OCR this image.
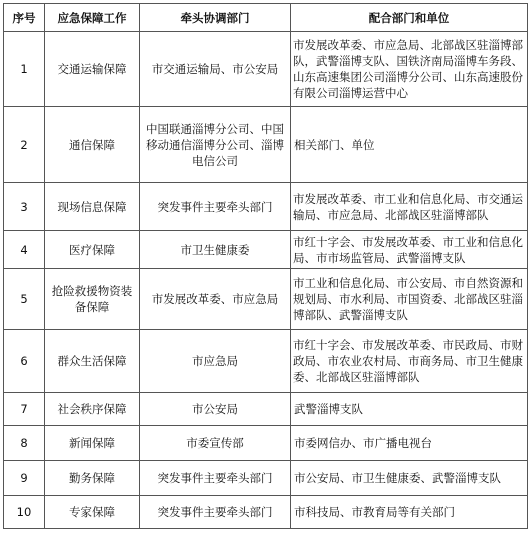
序号	应急保障工作	牵头协调部门	配合部门和单位
1	交通运输保障	市交通运输局、市公安局	市发展改革委、市应急局、北部战区驻淄博部队，武警淄博支队、国铁济南局淄博车务段、山东高速集团公司淄博分公司、山东高速股份有限公司淄博运营中心
2	通信保障	中国联通淄博分公司、中国移动通信淄博分公司、淄博电信公司	相关部门、单位
3	现场信息保障	突发事件主要牵头部门	市发展改革委、市工业和信息化局、市交通运输局、市应急局、北部战区驻淄博部队
4	医疗保障	市卫生健康委	市红十字会、市发展改革委、市工业和信息化局、市市场监管局、武警淄博支队
5	抢险救援物资装备保障	市发展改革委、市应急局	市工业和信息化局、市公安局、市自然资源和规划局、市水利局、市国资委、北部战区驻淄博部队、武警淄博支队
6	群众生活保障	市应急局	市红十字会、市发展改革委、市民政局、市财政局、市农业农村局、市商务局、市卫生健康委、北部战区驻淄博部队
7	社会秩序保障	市公安局	武警淄博支队
8	新闻保障	市委宣传部	市委网信办、市广播电视台
9	勤务保障	突发事件主要牵头部门	市公安局、市卫生健康委、武警淄博支队
10	专家保障	突发事件主要牵头部门	市科技局、市教育局等有关部门
